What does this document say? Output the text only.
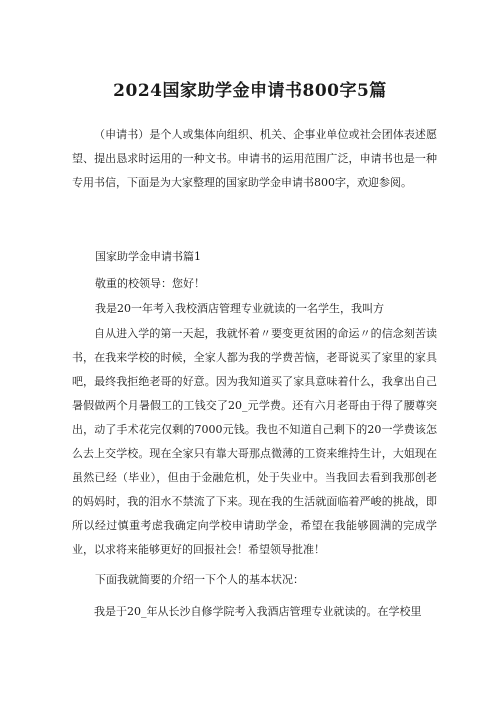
2024国家助学金申请书800字5篇

（申请书）是个人或集体向组织、机关、企事业单位或社会团体表述愿望、提出恳求时运用的一种文书。申请书的运用范围广泛，申请书也是一种专用书信，下面是为大家整理的国家助学金申请书800字，欢迎参阅。

国家助学金申请书篇1

敬重的校领导：您好！

我是20一年考入我校酒店管理专业就读的一名学生，我叫方

自从进入学的第一天起，我就怀着〃要变更贫困的命运〃的信念刻苦读书，在我来学校的时候，全家人都为我的学费苦恼，老哥说买了家里的家具吧，最终我拒绝老哥的好意。因为我知道买了家具意味着什么，我拿出自己暑假做两个月暑假工的工钱交了20_元学费。还有六月老哥由于得了腰尊突出，动了手术花完仅剩的7000元钱。我也不知道自己剩下的20一学费该怎么去上交学校。现在全家只有靠大哥那点微薄的工资来维持生计，大姐现在虽然已经（毕业），但由于金融危机，处于失业中。当我回去看到我那创老的妈妈时，我的泪水不禁流了下来。现在我的生活就面临着严峻的挑战，即所以经过慎重考虑我确定向学校申请助学金，希望在我能够圆满的完成学业，以求将来能够更好的回报社会！希望领导批准！

下面我就简要的介绍一下个人的基本状况：

我是于20_年从长沙自修学院考入我酒店管理专业就读的。在学校里
